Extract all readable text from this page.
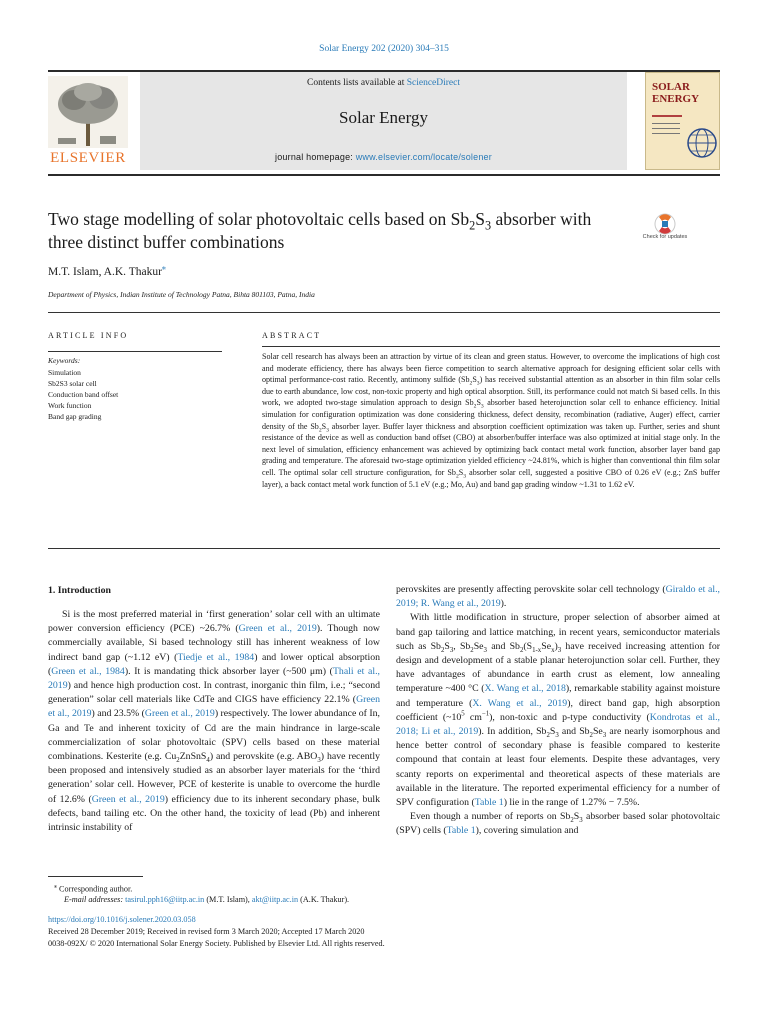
Solar Energy 202 (2020) 304–315
ELSEVIER
Contents lists available at ScienceDirect
Solar Energy
journal homepage: www.elsevier.com/locate/solener
SOLAR ENERGY
Two stage modelling of solar photovoltaic cells based on $Sb_2S_3$ absorber with three distinct buffer combinations	Check for updates
M.T. Islam, A.K. Thakur⁎
Department of Physics, Indian Institute of Technology Patna, Bihta 801103, Patna, India
ARTICLE INFO
Keywords:
Simulation
Sb2S3 solar cell
Conduction band offset
Work function
Band gap grading
ABSTRACT
Solar cell research has always been an attraction by virtue of its clean and green status. However, to overcome the implications of high cost and moderate efficiency, there has always been fierce competition to search alternative approach for designing efficient solar cells with optimal performance-cost ratio. Recently, antimony sulfide $(Sb_2S_3)$ has received substantial attention as an absorber in thin film solar cells due to earth abundance, low cost, non-toxic property and high optical absorption. Still, its performance could not match Si based cells. In this work, we adopted two-stage simulation approach to design $Sb_2S_3$ absorber based heterojunction solar cell to enhance efficiency. Initial simulation for configuration optimization was done considering thickness, defect density, recombination (radiative, Auger) effect, carrier density of the $Sb_2S_3$ absorber layer. Buffer layer thickness and absorption coefficient optimization was taken up. Further, series and shunt resistance of the device as well as conduction band offset (CBO) at absorber/buffer interface was also optimized at initial stage only. In the next level of simulation, efficiency enhancement was achieved by optimizing back contact metal work function, absorber layer band gap grading and temperature. The aforesaid two-stage optimization yielded efficiency ~24.81%, which is higher than conventional thin film solar cell. The optimal solar cell structure configuration, for $Sb_2S_3$ absorber solar cell, suggested a positive CBO of 0.26 eV (e.g.; ZnS buffer layer), a back contact metal work function of 5.1 eV (e.g.; Mo, Au) and band gap grading window ~1.31 to 1.62 eV.
1. Introduction

Si is the most preferred material in ‘first generation’ solar cell with an ultimate power conversion efficiency (PCE) ~26.7% (Green et al., 2019). Though now commercially available, Si based technology still has inherent weakness of low indirect band gap (~1.12 eV) (Tiedje et al., 1984) and lower optical absorption (Green et al., 1984). It is mandating thick absorber layer (~500 μm) (Thali et al., 2019) and hence high production cost. In contrast, inorganic thin film, i.e.; “second generation” solar cell materials like CdTe and CIGS have efficiency 22.1% (Green et al., 2019) and 23.5% (Green et al., 2019) respectively. The lower abundance of In, Ga and Te and inherent toxicity of Cd are the main hindrance in large-scale commercialization of solar photovoltaic (SPV) cells based on these material combinations. Kesterite (e.g. $Cu_2ZnSnS_4$) and perovskite (e.g. $ABO_3$) have recently been proposed and intensively studied as an absorber layer materials for the ‘third generation’ solar cell. However, PCE of kesterite is unable to overcome the hurdle of 12.6% (Green et al., 2019) efficiency due to its inherent secondary phase, bulk defects, band tailing etc. On the other hand, the toxicity of lead (Pb) and inherent intrinsic instability of

perovskites are presently affecting perovskite solar cell technology (Giraldo et al., 2019; R. Wang et al., 2019).

With little modification in structure, proper selection of absorber aimed at band gap tailoring and lattice matching, in recent years, semiconductor materials such as $Sb_2S_3$, $Sb_2Se_3$ and $Sb_2(S_{1-x}Se_x)_3$ have received increasing attention for design and development of a stable planar heterojunction solar cell. Further, they have advantages of abundance in earth crust as element, low annealing temperature ~400 °C (X. Wang et al., 2018), remarkable stability against moisture and temperature (X. Wang et al., 2019), direct band gap, high absorption coefficient ($\sim 10^5$ $cm^{-1}$), non-toxic and p-type conductivity (Kondrotas et al., 2018; Li et al., 2019). In addition, $Sb_2S_3$ and $Sb_2Se_3$ are nearly isomorphous and hence better control of secondary phase is feasible compared to kesterite compound that contain at least four elements. Despite these advantages, very scanty reports on experimental and theoretical aspects of these materials are available in the literature. The reported experimental efficiency for a number of SPV configuration (Table 1) lie in the range of 1.27% − 7.5%.

Even though a number of reports on $Sb_2S_3$ absorber based solar photovoltaic (SPV) cells (Table 1), covering simulation and

⁎ Corresponding author.
E-mail addresses: tasirul.pph16@iitp.ac.in (M.T. Islam), akt@iitp.ac.in (A.K. Thakur).
https://doi.org/10.1016/j.solener.2020.03.058
Received 28 December 2019; Received in revised form 3 March 2020; Accepted 17 March 2020
0038-092X/ © 2020 International Solar Energy Society. Published by Elsevier Ltd. All rights reserved.
